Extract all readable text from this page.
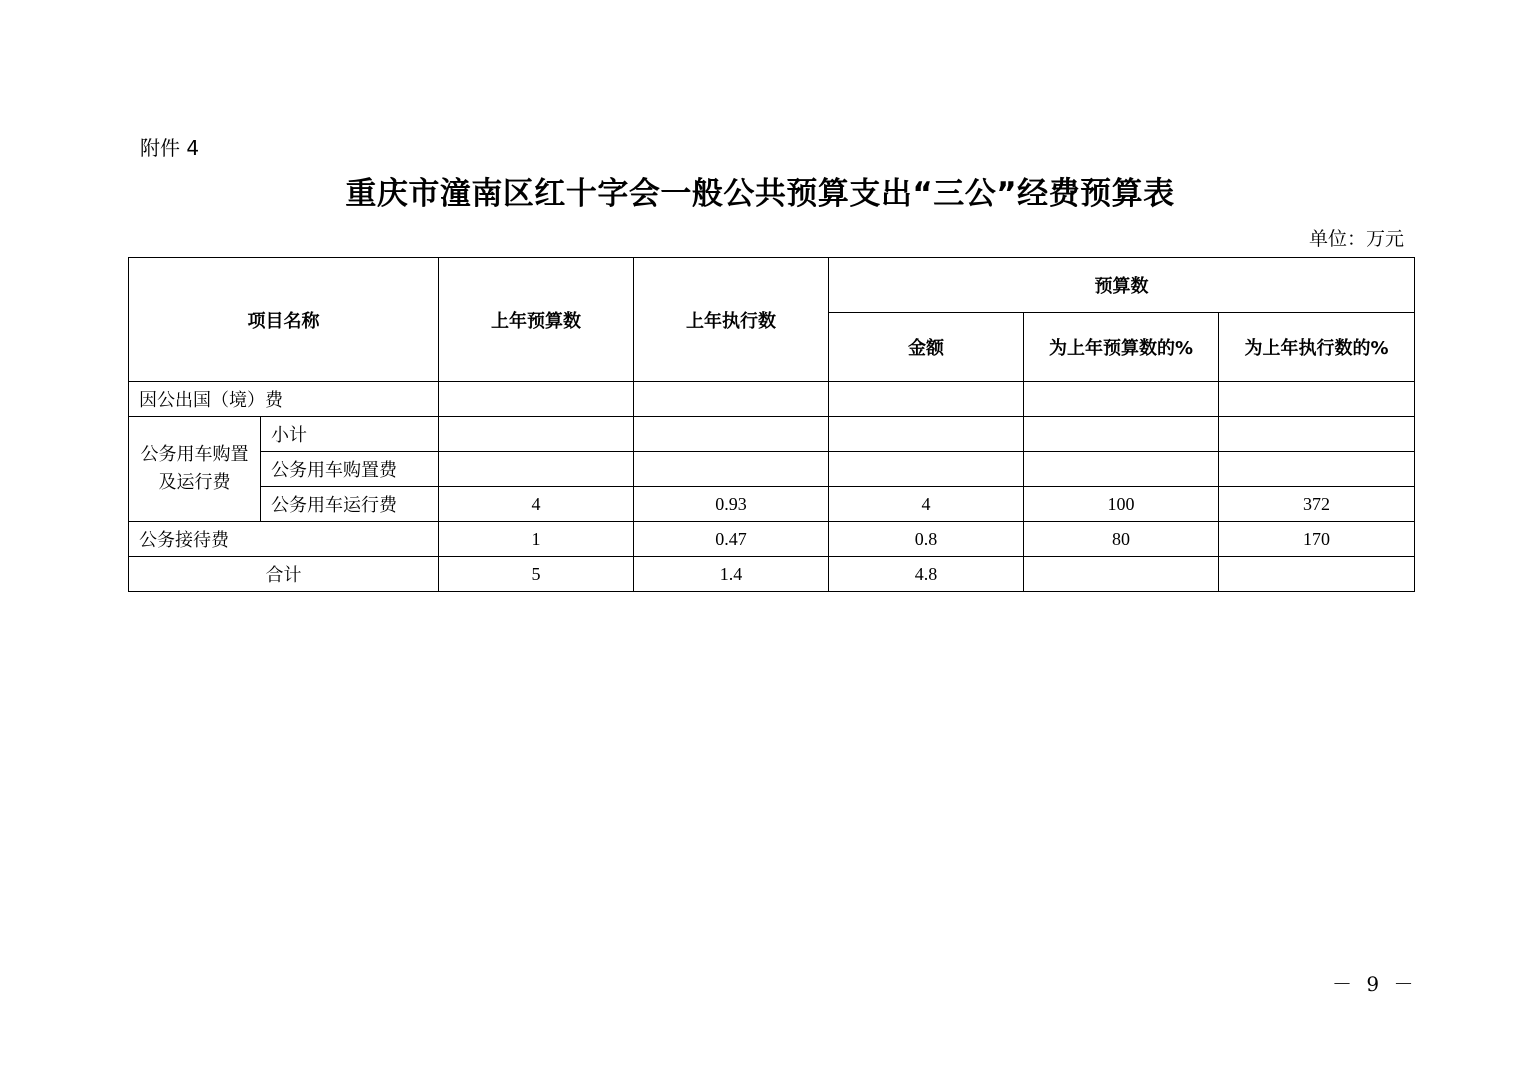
附件 4
重庆市潼南区红十字会一般公共预算支出“三公”经费预算表
单位：万元
项目名称		上年预算数	上年执行数	预算数		
				金额	为上年预算数的%	为上年执行数的%
因公出国（境）费						
公务用车购置及运行费	小计					
	公务用车购置费					
	公务用车运行费	4	0.93	4	100	372
公务接待费		1	0.47	0.8	80	170
合计		5	1.4	4.8		
－ 9 －
